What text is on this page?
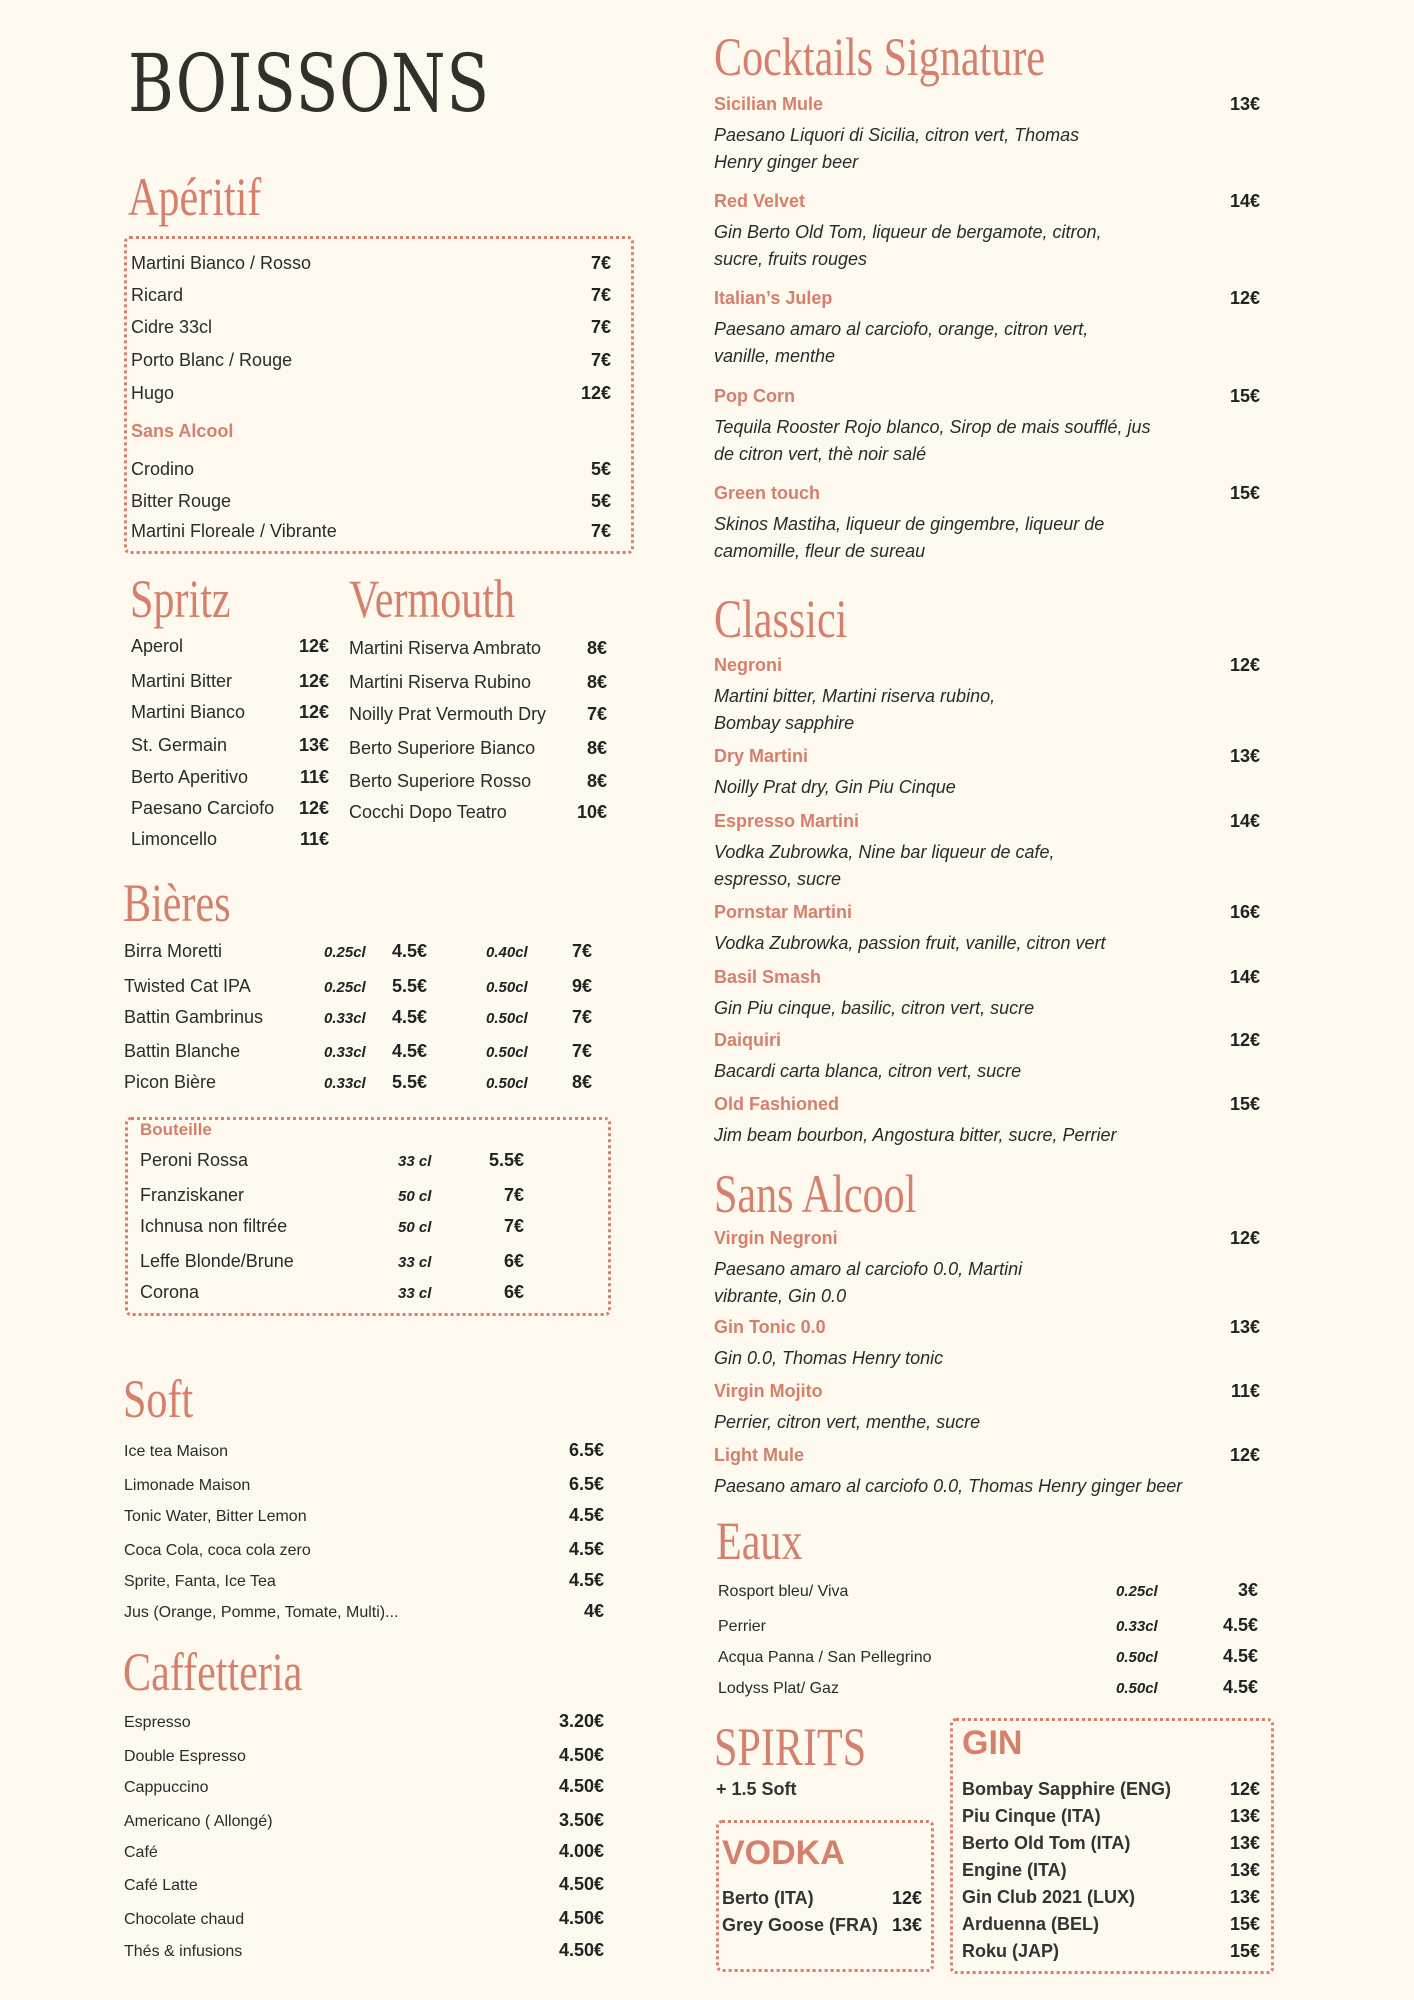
BOISSONS
Apéritif
Martini Bianco / Rosso	7€
Ricard	7€
Cidre 33cl	7€
Porto Blanc / Rouge	7€
Hugo	12€
Sans Alcool
Crodino	5€
Bitter Rouge	5€
Martini Floreale / Vibrante	7€
Spritz
Aperol	12€
Martini Bitter	12€
Martini Bianco	12€
St. Germain	13€
Berto Aperitivo	11€
Paesano Carciofo	12€
Limoncello	11€
Vermouth
Martini Riserva Ambrato	8€
Martini Riserva Rubino	8€
Noilly Prat Vermouth Dry	7€
Berto Superiore Bianco	8€
Berto Superiore Rosso	8€
Cocchi Dopo Teatro	10€
Bières
Birra Moretti	0.25cl	4.5€	0.40cl	7€
Twisted Cat IPA	0.25cl	5.5€	0.50cl	9€
Battin Gambrinus	0.33cl	4.5€	0.50cl	7€
Battin Blanche	0.33cl	4.5€	0.50cl	7€
Picon Bière	0.33cl	5.5€	0.50cl	8€
Bouteille
Peroni Rossa	33 cl	5.5€
Franziskaner	50 cl	7€
Ichnusa non filtrée	50 cl	7€
Leffe Blonde/Brune	33 cl	6€
Corona	33 cl	6€
Soft
Ice tea Maison	6.5€
Limonade Maison	6.5€
Tonic Water, Bitter Lemon	4.5€
Coca Cola, coca cola zero	4.5€
Sprite, Fanta, Ice Tea	4.5€
Jus (Orange, Pomme, Tomate, Multi)...	4€
Caffetteria
Espresso	3.20€
Double Espresso	4.50€
Cappuccino	4.50€
Americano ( Allongé)	3.50€
Café	4.00€
Café Latte	4.50€
Chocolate chaud	4.50€
Thés & infusions	4.50€
Cocktails Signature
Sicilian Mule	13€
Paesano Liquori di Sicilia, citron vert, Thomas Henry ginger beer
Red Velvet	14€
Gin Berto Old Tom, liqueur de bergamote, citron, sucre, fruits rouges
Italian’s Julep	12€
Paesano amaro al carciofo, orange, citron vert, vanille, menthe
Pop Corn	15€
Tequila Rooster Rojo blanco, Sirop de mais soufflé, jus de citron vert, thè noir salé
Green touch	15€
Skinos Mastiha, liqueur de gingembre, liqueur de camomille, fleur de sureau
Classici
Negroni	12€
Martini bitter, Martini riserva rubino, Bombay sapphire
Dry Martini	13€
Noilly Prat dry, Gin Piu Cinque
Espresso Martini	14€
Vodka Zubrowka, Nine bar liqueur de cafe, espresso, sucre
Pornstar Martini	16€
Vodka Zubrowka, passion fruit, vanille, citron vert
Basil Smash	14€
Gin Piu cinque, basilic, citron vert, sucre
Daiquiri	12€
Bacardi carta blanca, citron vert, sucre
Old Fashioned	15€
Jim beam bourbon, Angostura bitter, sucre, Perrier
Sans Alcool
Virgin Negroni	12€
Paesano amaro al carciofo 0.0, Martini vibrante, Gin 0.0
Gin Tonic 0.0	13€
Gin 0.0, Thomas Henry tonic
Virgin Mojito	11€
Perrier, citron vert, menthe, sucre
Light Mule	12€
Paesano amaro al carciofo 0.0, Thomas Henry ginger beer
Eaux
Rosport bleu/ Viva	0.25cl	3€
Perrier	0.33cl	4.5€
Acqua Panna / San Pellegrino	0.50cl	4.5€
Lodyss Plat/ Gaz	0.50cl	4.5€
SPIRITS
+ 1.5 Soft
VODKA
Berto (ITA)	12€
Grey Goose (FRA) 13€
GIN
Bombay Sapphire (ENG)	12€
Piu Cinque (ITA)	13€
Berto Old Tom (ITA)	13€
Engine (ITA)	13€
Gin Club 2021 (LUX)	13€
Arduenna (BEL)	15€
Roku (JAP)	15€
